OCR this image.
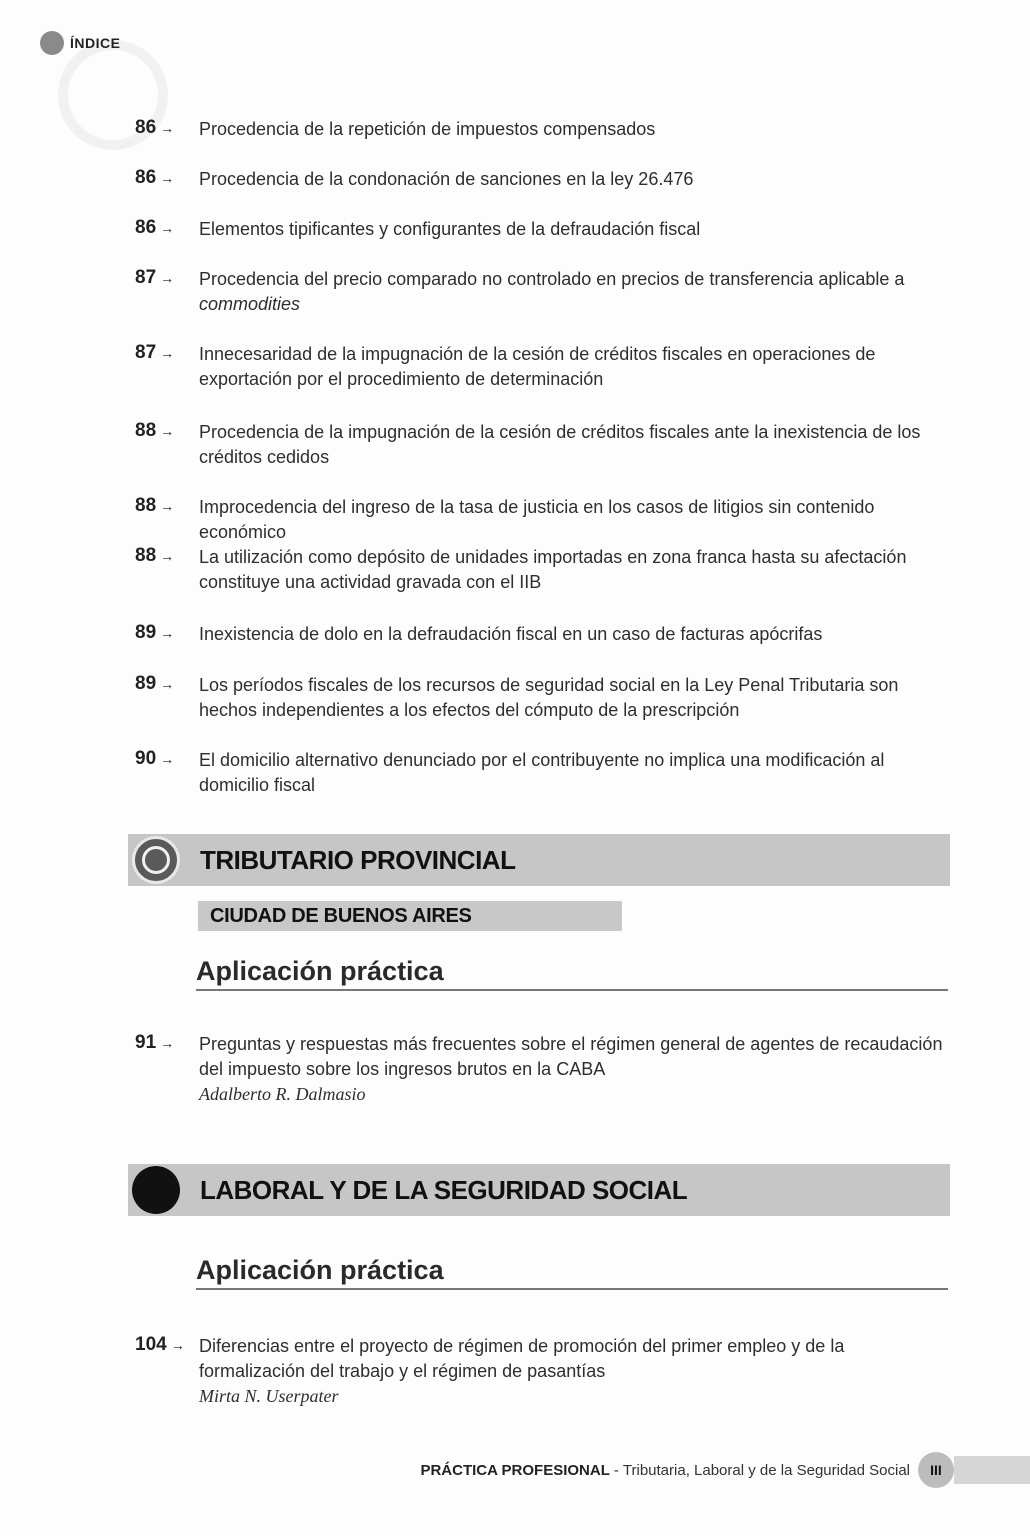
ÍNDICE
86 → Procedencia de la repetición de impuestos compensados
86 → Procedencia de la condonación de sanciones en la ley 26.476
86 → Elementos tipificantes y configurantes de la defraudación fiscal
87 → Procedencia del precio comparado no controlado en precios de transferencia aplicable a
commodities
87 → Innecesaridad de la impugnación de la cesión de créditos fiscales en operaciones de exportación por el procedimiento de determinación
88 → Procedencia de la impugnación de la cesión de créditos fiscales ante la inexistencia de los créditos cedidos
88 → Improcedencia del ingreso de la tasa de justicia en los casos de litigios sin contenido económico
88 → La utilización como depósito de unidades importadas en zona franca hasta su afectación constituye una actividad gravada con el IIB
89 → Inexistencia de dolo en la defraudación fiscal en un caso de facturas apócrifas
89 → Los períodos fiscales de los recursos de seguridad social en la Ley Penal Tributaria son hechos independientes a los efectos del cómputo de la prescripción
90 → El domicilio alternativo denunciado por el contribuyente no implica una modificación al domicilio fiscal
TRIBUTARIO PROVINCIAL
CIUDAD DE BUENOS AIRES
Aplicación práctica
91 → Preguntas y respuestas más frecuentes sobre el régimen general de agentes de recaudación del impuesto sobre los ingresos brutos en la CABA
Adalberto R. Dalmasio
LABORAL Y DE LA SEGURIDAD SOCIAL
Aplicación práctica
104 → Diferencias entre el proyecto de régimen de promoción del primer empleo y de la formalización del trabajo y el régimen de pasantías
Mirta N. Userpater
PRÁCTICA PROFESIONAL - Tributaria, Laboral y de la Seguridad Social	III
